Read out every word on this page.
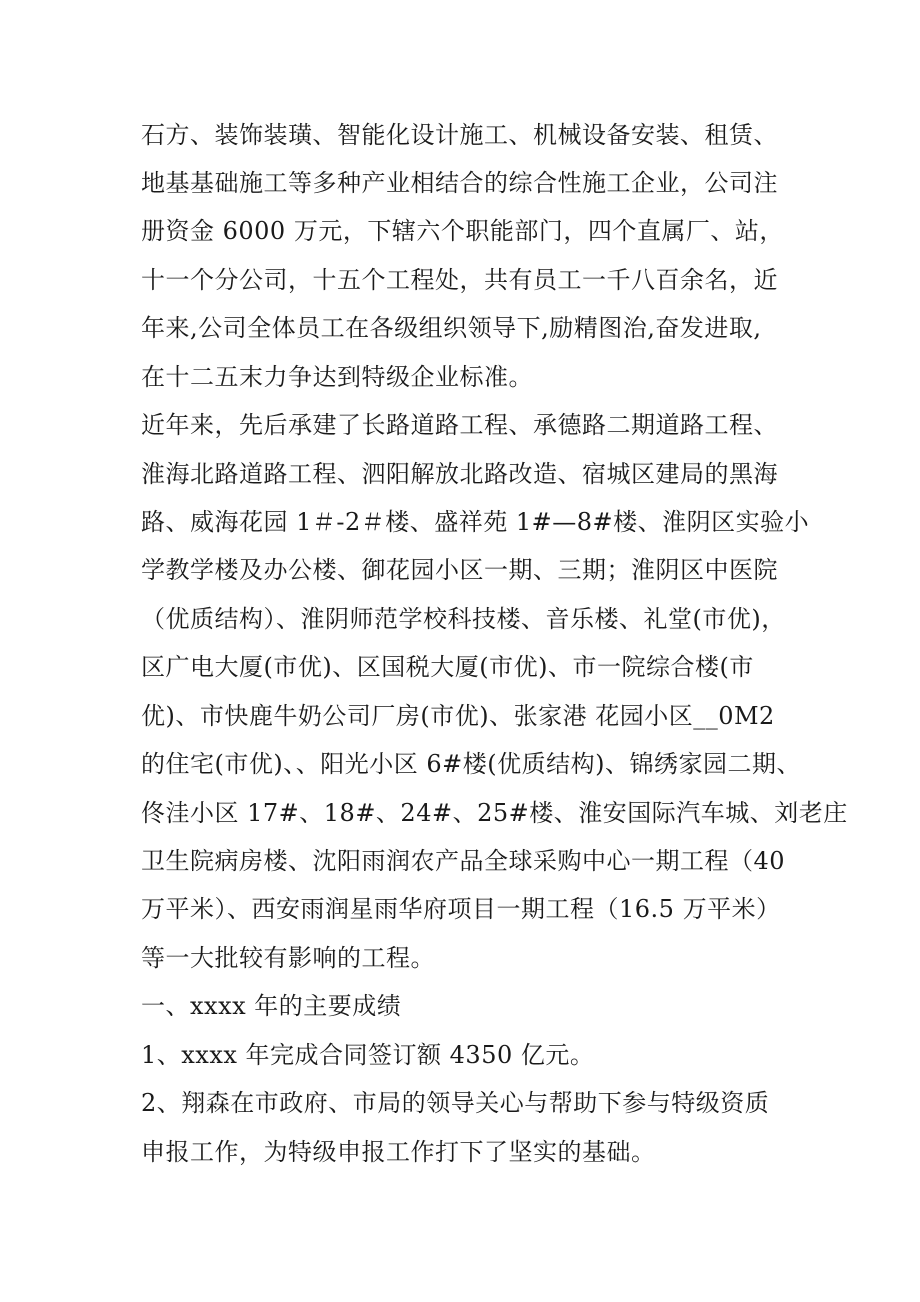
石方、装饰装璜、智能化设计施工、机械设备安装、租赁、
地基基础施工等多种产业相结合的综合性施工企业，公司注
册资金 6000 万元，下辖六个职能部门，四个直属厂、站，
十一个分公司，十五个工程处，共有员工一千八百余名，近
年来,公司全体员工在各级组织领导下,励精图治,奋发进取,
在十二五末力争达到特级企业标准。
近年来，先后承建了长路道路工程、承德路二期道路工程、
淮海北路道路工程、泗阳解放北路改造、宿城区建局的黑海
路、威海花园 1＃-2＃楼、盛祥苑 1#—8#楼、淮阴区实验小
学教学楼及办公楼、御花园小区一期、三期；淮阴区中医院
（优质结构）、淮阴师范学校科技楼、音乐楼、礼堂(市优)，
区广电大厦(市优)、区国税大厦(市优)、市一院综合楼(市
优)、市快鹿牛奶公司厂房(市优)、张家港 花园小区__0M2
的住宅(市优)、、阳光小区 6#楼(优质结构)、锦绣家园二期、
佟洼小区 17#、18#、24#、25#楼、淮安国际汽车城、刘老庄
卫生院病房楼、沈阳雨润农产品全球采购中心一期工程（40
万平米）、西安雨润星雨华府项目一期工程（16.5 万平米）
等一大批较有影响的工程。
一、xxxx 年的主要成绩
1、xxxx 年完成合同签订额 4350 亿元。
2、翔森在市政府、市局的领导关心与帮助下参与特级资质
申报工作，为特级申报工作打下了坚实的基础。
